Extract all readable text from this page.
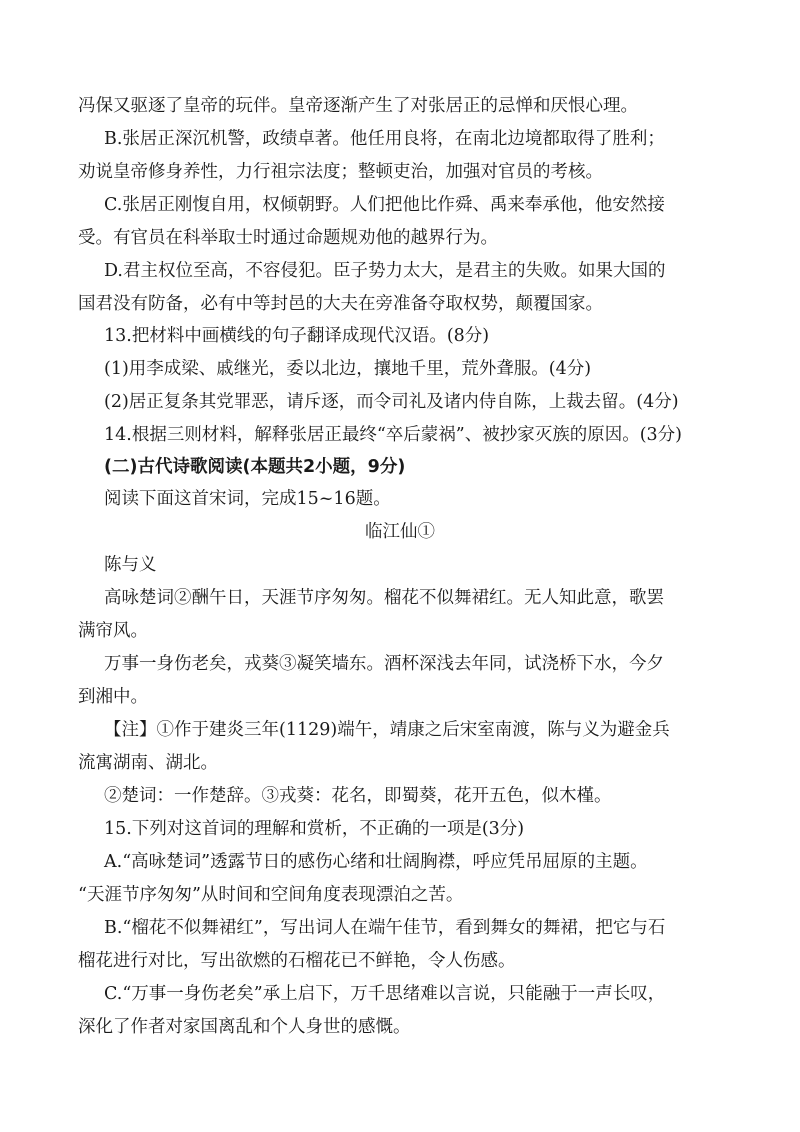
冯保又驱逐了皇帝的玩伴。皇帝逐渐产生了对张居正的忌惮和厌恨心理。
B.张居正深沉机警，政绩卓著。他任用良将，在南北边境都取得了胜利；
劝说皇帝修身养性，力行祖宗法度；整顿吏治，加强对官员的考核。
C.张居正刚愎自用，权倾朝野。人们把他比作舜、禹来奉承他，他安然接
受。有官员在科举取士时通过命题规劝他的越界行为。
D.君主权位至高，不容侵犯。臣子势力太大，是君主的失败。如果大国的
国君没有防备，必有中等封邑的大夫在旁准备夺取权势，颠覆国家。
13.把材料中画横线的句子翻译成现代汉语。(8分)
(1)用李成梁、戚继光，委以北边，攘地千里，荒外聋服。(4分)
(2)居正复条其党罪恶，请斥逐，而令司礼及诸内侍自陈，上裁去留。(4分)
14.根据三则材料，解释张居正最终“卒后蒙祸”、被抄家灭族的原因。(3分)
(二)古代诗歌阅读(本题共2小题，9分)
阅读下面这首宋词，完成15~16题。
临江仙①
陈与义
高咏楚词②酬午日，天涯节序匆匆。榴花不似舞裙红。无人知此意，歌罢
满帘风。
万事一身伤老矣，戎葵③凝笑墙东。酒杯深浅去年同，试浇桥下水，今夕
到湘中。
【注】①作于建炎三年(1129)端午，靖康之后宋室南渡，陈与义为避金兵
流寓湖南、湖北。
②楚词：一作楚辞。③戎葵：花名，即蜀葵，花开五色，似木槿。
15.下列对这首词的理解和赏析，不正确的一项是(3分)
A.“高咏楚词”透露节日的感伤心绪和壮阔胸襟，呼应凭吊屈原的主题。
“天涯节序匆匆”从时间和空间角度表现漂泊之苦。
B.“榴花不似舞裙红”，写出词人在端午佳节，看到舞女的舞裙，把它与石
榴花进行对比，写出欲燃的石榴花已不鲜艳，令人伤感。
C.“万事一身伤老矣”承上启下，万千思绪难以言说，只能融于一声长叹，
深化了作者对家国离乱和个人身世的感慨。
